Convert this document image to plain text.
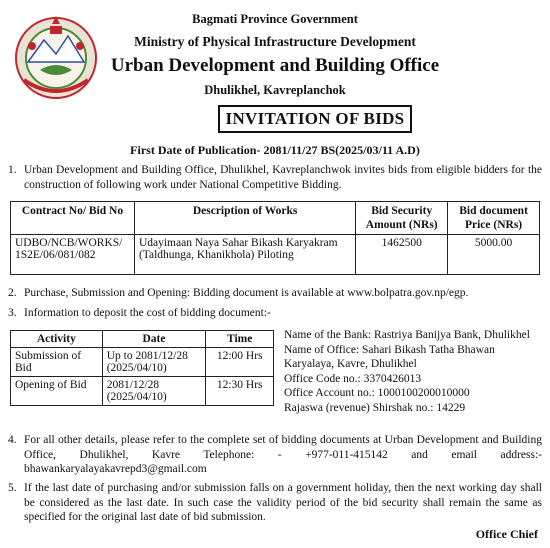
Bagmati Province Government
Ministry of Physical Infrastructure Development
Urban Development and Building Office
Dhulikhel, Kavreplanchok
INVITATION OF BIDS
First Date of Publication- 2081/11/27 BS(2025/03/11 A.D)
1. Urban Development and Building Office, Dhulikhel, Kavreplanchwok invites bids from eligible bidders for the construction of following work under National Competitive Bidding.
Contract No/ Bid No	Description of Works	Bid Security Amount (NRs)	Bid document Price (NRs)
UDBO/NCB/WORKS/ 1S2E/06/081/082	Udayimaan Naya Sahar Bikash Karyakram (Taldhunga, Khanikhola) Piloting	1462500	5000.00
2. Purchase, Submission and Opening: Bidding document is available at www.bolpatra.gov.np/egp.
3. Information to deposit the cost of bidding document:-
Activity	Date	Time
Submission of Bid	Up to 2081/12/28 (2025/04/10)	12:00 Hrs
Opening of Bid	2081/12/28 (2025/04/10)	12:30 Hrs
Name of the Bank: Rastriya Banijya Bank, Dhulikhel
Name of Office: Sahari Bikash Tatha Bhawan
Karyalaya, Kavre, Dhulikhel
Office Code no.: 3370426013
Office Account no.: 1000100200010000
Rajaswa (revenue) Shirshak no.: 14229
4. For all other details, please refer to the complete set of bidding documents at Urban Development and Building Office, Dhulikhel, Kavre Telephone: - +977-011-415142 and email address:- bhawankaryalayakavrepd3@gmail.com
5. If the last date of purchasing and/or submission falls on a government holiday, then the next working day shall be considered as the last date. In such case the validity period of the bid security shall remain the same as specified for the original last date of bid submission.
Office Chief
